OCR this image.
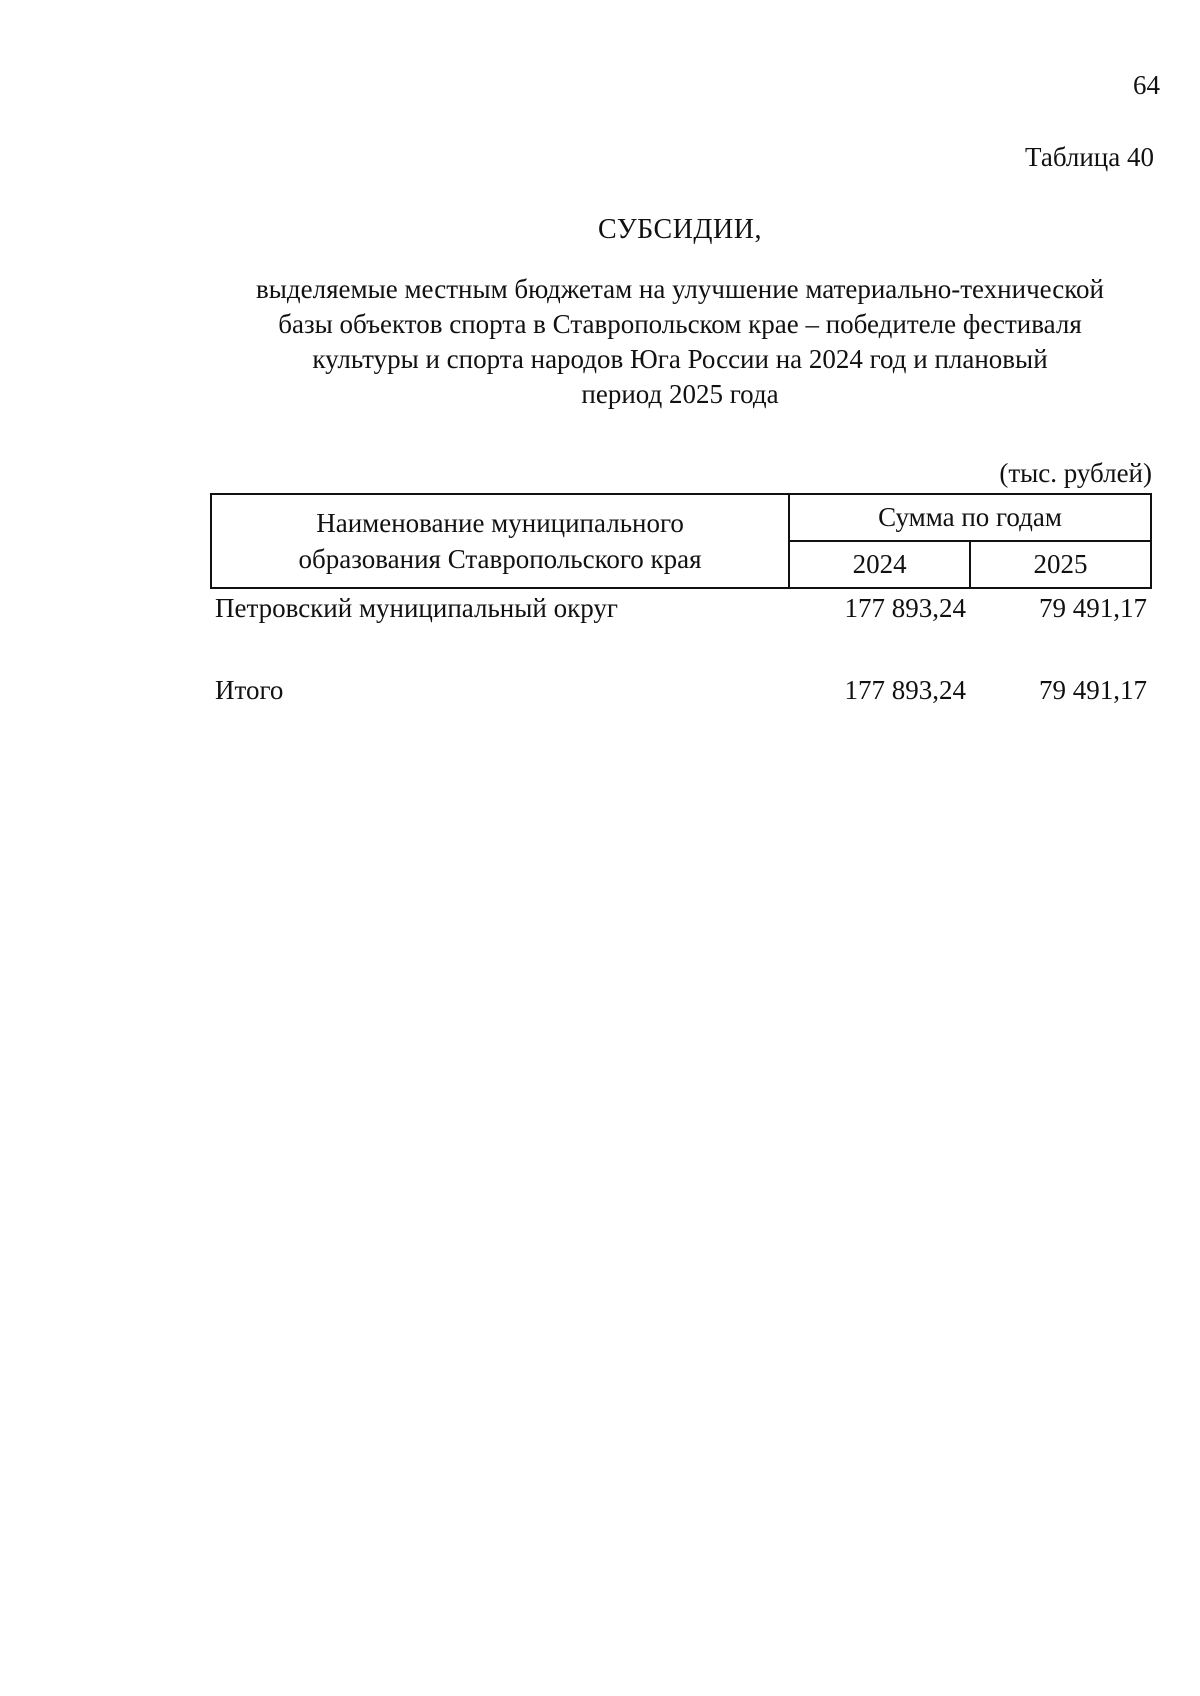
64
Таблица 40
СУБСИДИИ,
выделяемые местным бюджетам на улучшение материально-технической
базы объектов спорта в Ставропольском крае – победителе фестиваля
культуры и спорта народов Юга России на 2024 год и плановый
период 2025 года
(тыс. рублей)
Наименование муниципального
образования Ставропольского края	Сумма по годам	
	2024	2025
Петровский муниципальный округ	177 893,24	79 491,17
Итого	177 893,24	79 491,17
